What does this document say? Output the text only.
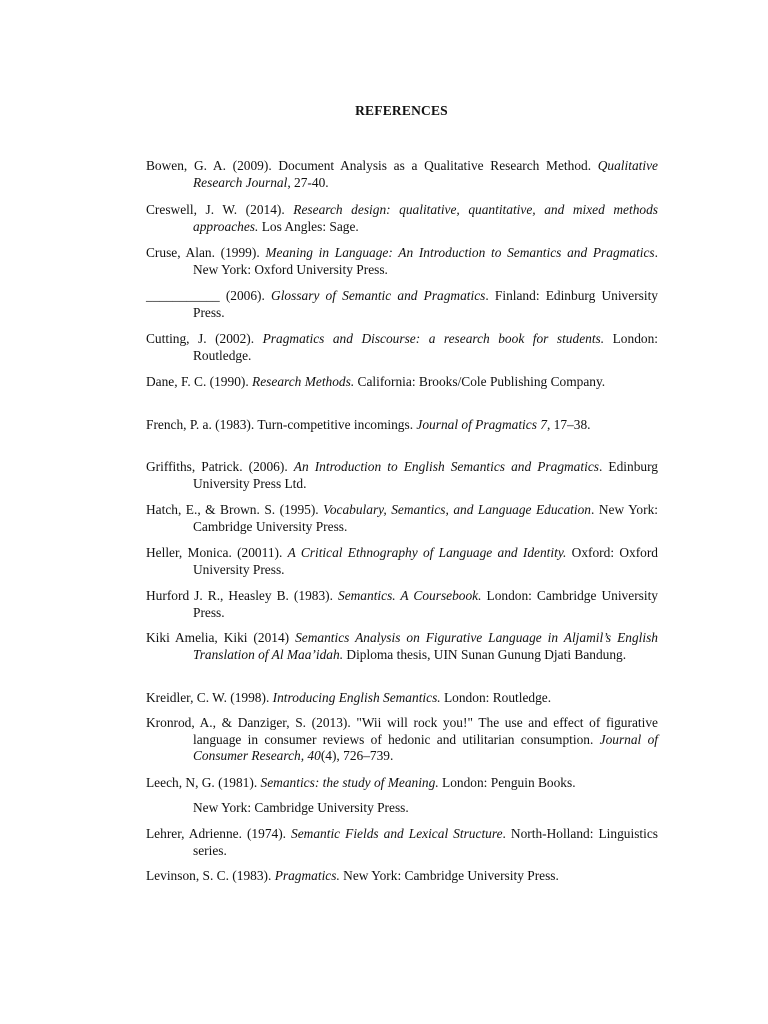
REFERENCES
Bowen, G. A. (2009). Document Analysis as a Qualitative Research Method. Qualitative Research Journal, 27-40.
Creswell, J. W. (2014). Research design: qualitative, quantitative, and mixed methods approaches. Los Angles: Sage.
Cruse, Alan. (1999). Meaning in Language: An Introduction to Semantics and Pragmatics. New York: Oxford University Press.
___________ (2006). Glossary of Semantic and Pragmatics. Finland: Edinburg University Press.
Cutting, J. (2002). Pragmatics and Discourse: a research book for students. London: Routledge.
Dane, F. C. (1990). Research Methods. California: Brooks/Cole Publishing Company.
French, P. a. (1983). Turn-competitive incomings. Journal of Pragmatics 7, 17–38.
Griffiths, Patrick. (2006). An Introduction to English Semantics and Pragmatics. Edinburg University Press Ltd.
Hatch, E., & Brown. S. (1995). Vocabulary, Semantics, and Language Education. New York: Cambridge University Press.
Heller, Monica. (20011). A Critical Ethnography of Language and Identity. Oxford: Oxford University Press.
Hurford J. R., Heasley B. (1983). Semantics. A Coursebook. London: Cambridge University Press.
Kiki Amelia, Kiki (2014) Semantics Analysis on Figurative Language in Aljamil’s English Translation of Al Maa’idah. Diploma thesis, UIN Sunan Gunung Djati Bandung.
Kreidler, C. W. (1998). Introducing English Semantics. London: Routledge.
Kronrod, A., & Danziger, S. (2013). "Wii will rock you!" The use and effect of figurative language in consumer reviews of hedonic and utilitarian consumption. Journal of Consumer Research, 40(4), 726–739.
Leech, N, G. (1981). Semantics: the study of Meaning. London: Penguin Books.
New York: Cambridge University Press.
Lehrer, Adrienne. (1974). Semantic Fields and Lexical Structure. North-Holland: Linguistics series.
Levinson, S. C. (1983). Pragmatics. New York: Cambridge University Press.
